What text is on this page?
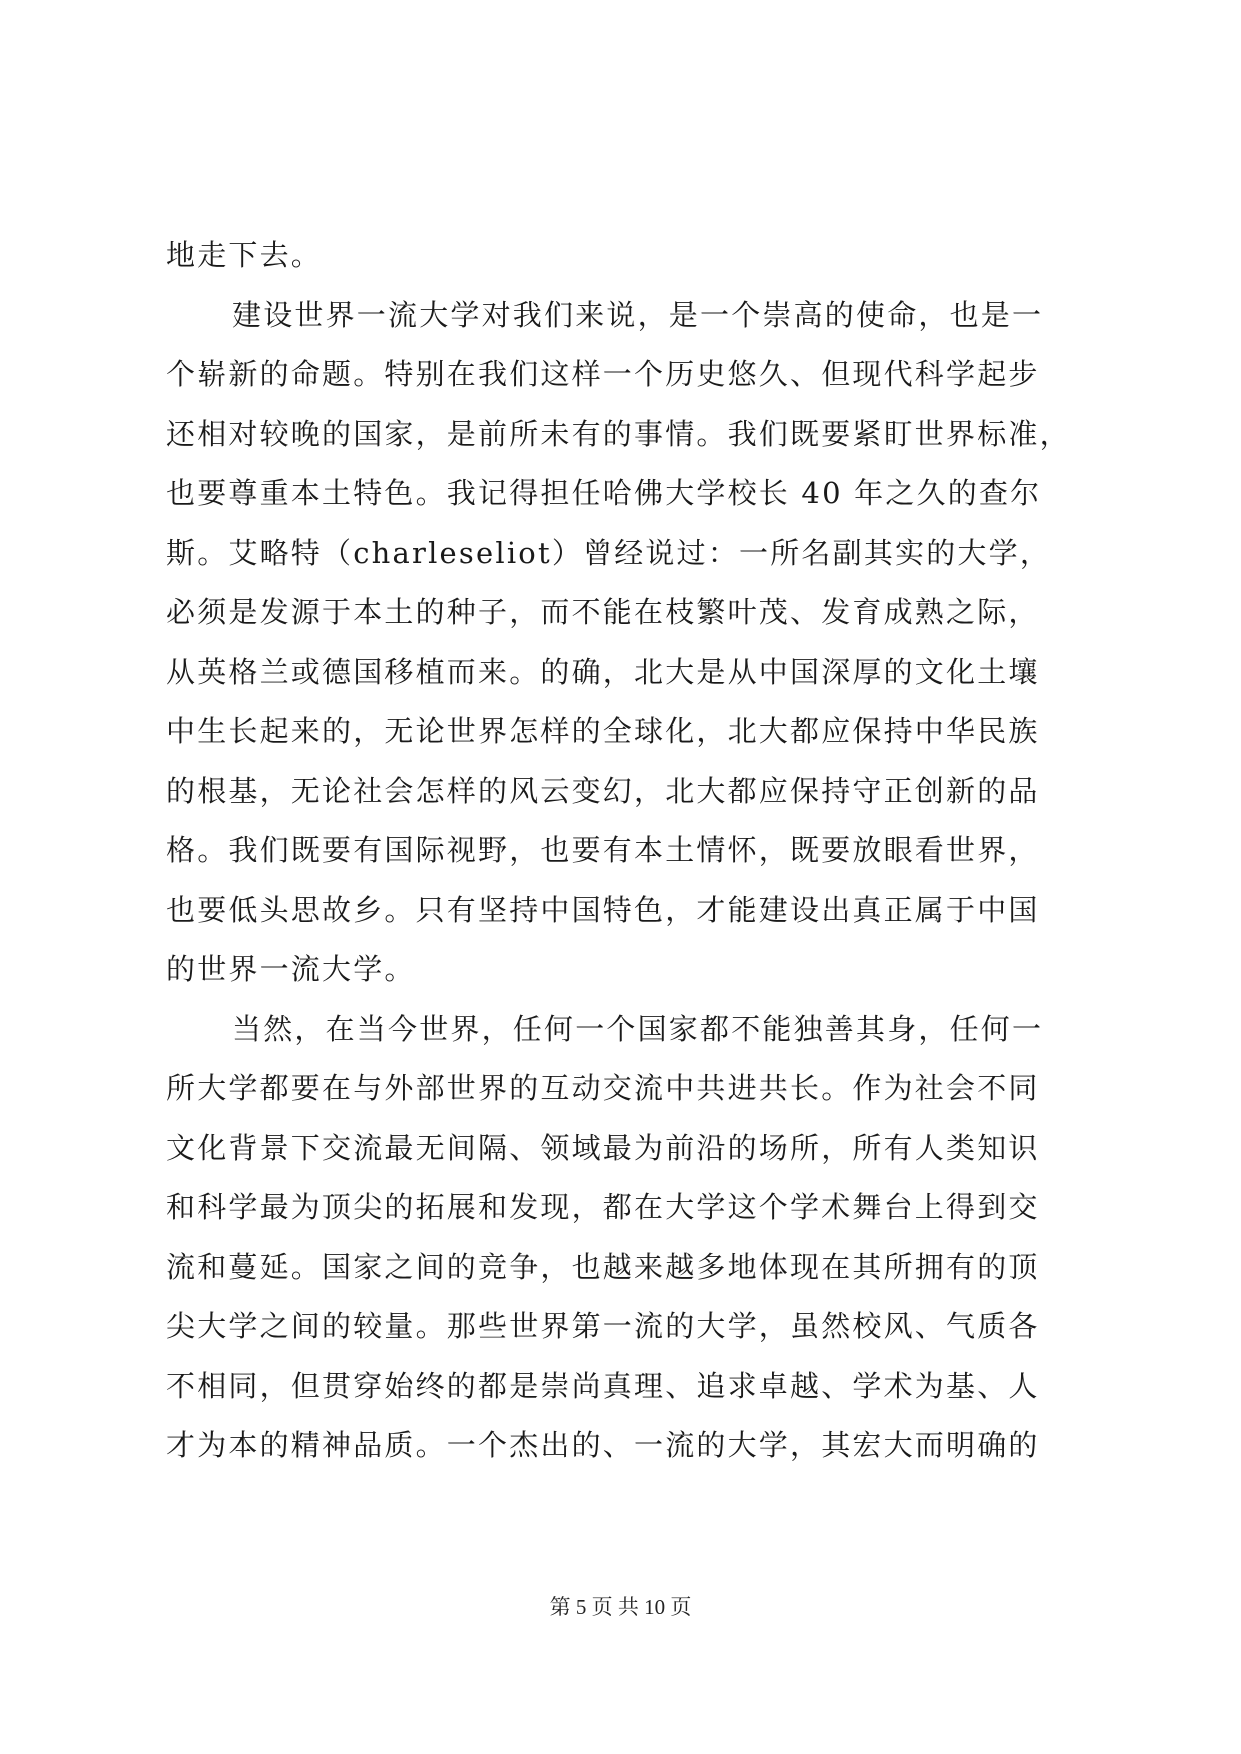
地走下去。
建设世界一流大学对我们来说，是一个崇高的使命，也是一
个崭新的命题。特别在我们这样一个历史悠久、但现代科学起步
还相对较晚的国家，是前所未有的事情。我们既要紧盯世界标准，
也要尊重本土特色。我记得担任哈佛大学校长 40 年之久的查尔
斯。艾略特（charleseliot）曾经说过：一所名副其实的大学，
必须是发源于本土的种子，而不能在枝繁叶茂、发育成熟之际，
从英格兰或德国移植而来。的确，北大是从中国深厚的文化土壤
中生长起来的，无论世界怎样的全球化，北大都应保持中华民族
的根基，无论社会怎样的风云变幻，北大都应保持守正创新的品
格。我们既要有国际视野，也要有本土情怀，既要放眼看世界，
也要低头思故乡。只有坚持中国特色，才能建设出真正属于中国
的世界一流大学。
当然，在当今世界，任何一个国家都不能独善其身，任何一
所大学都要在与外部世界的互动交流中共进共长。作为社会不同
文化背景下交流最无间隔、领域最为前沿的场所，所有人类知识
和科学最为顶尖的拓展和发现，都在大学这个学术舞台上得到交
流和蔓延。国家之间的竞争，也越来越多地体现在其所拥有的顶
尖大学之间的较量。那些世界第一流的大学，虽然校风、气质各
不相同，但贯穿始终的都是崇尚真理、追求卓越、学术为基、人
才为本的精神品质。一个杰出的、一流的大学，其宏大而明确的
第 5 页 共 10 页
